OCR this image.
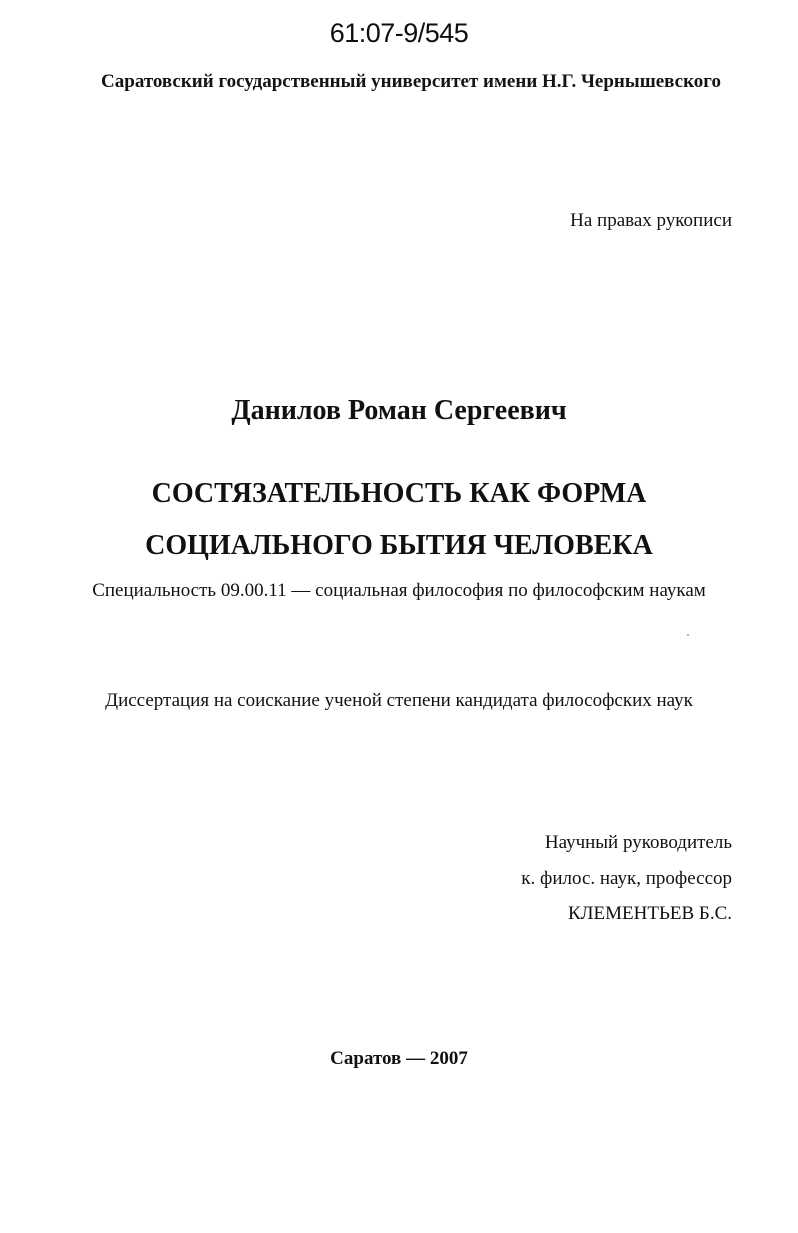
61:07-9/545
Саратовский государственный университет имени Н.Г. Чернышевского
На правах рукописи
Данилов Роман Сергеевич
СОСТЯЗАТЕЛЬНОСТЬ КАК ФОРМА
СОЦИАЛЬНОГО БЫТИЯ ЧЕЛОВЕКА
Специальность 09.00.11 — социальная философия по философским наукам
Диссертация на соискание ученой степени кандидата философских наук
Научный руководитель
к. филос. наук, профессор
КЛЕМЕНТЬЕВ Б.С.
Саратов — 2007
